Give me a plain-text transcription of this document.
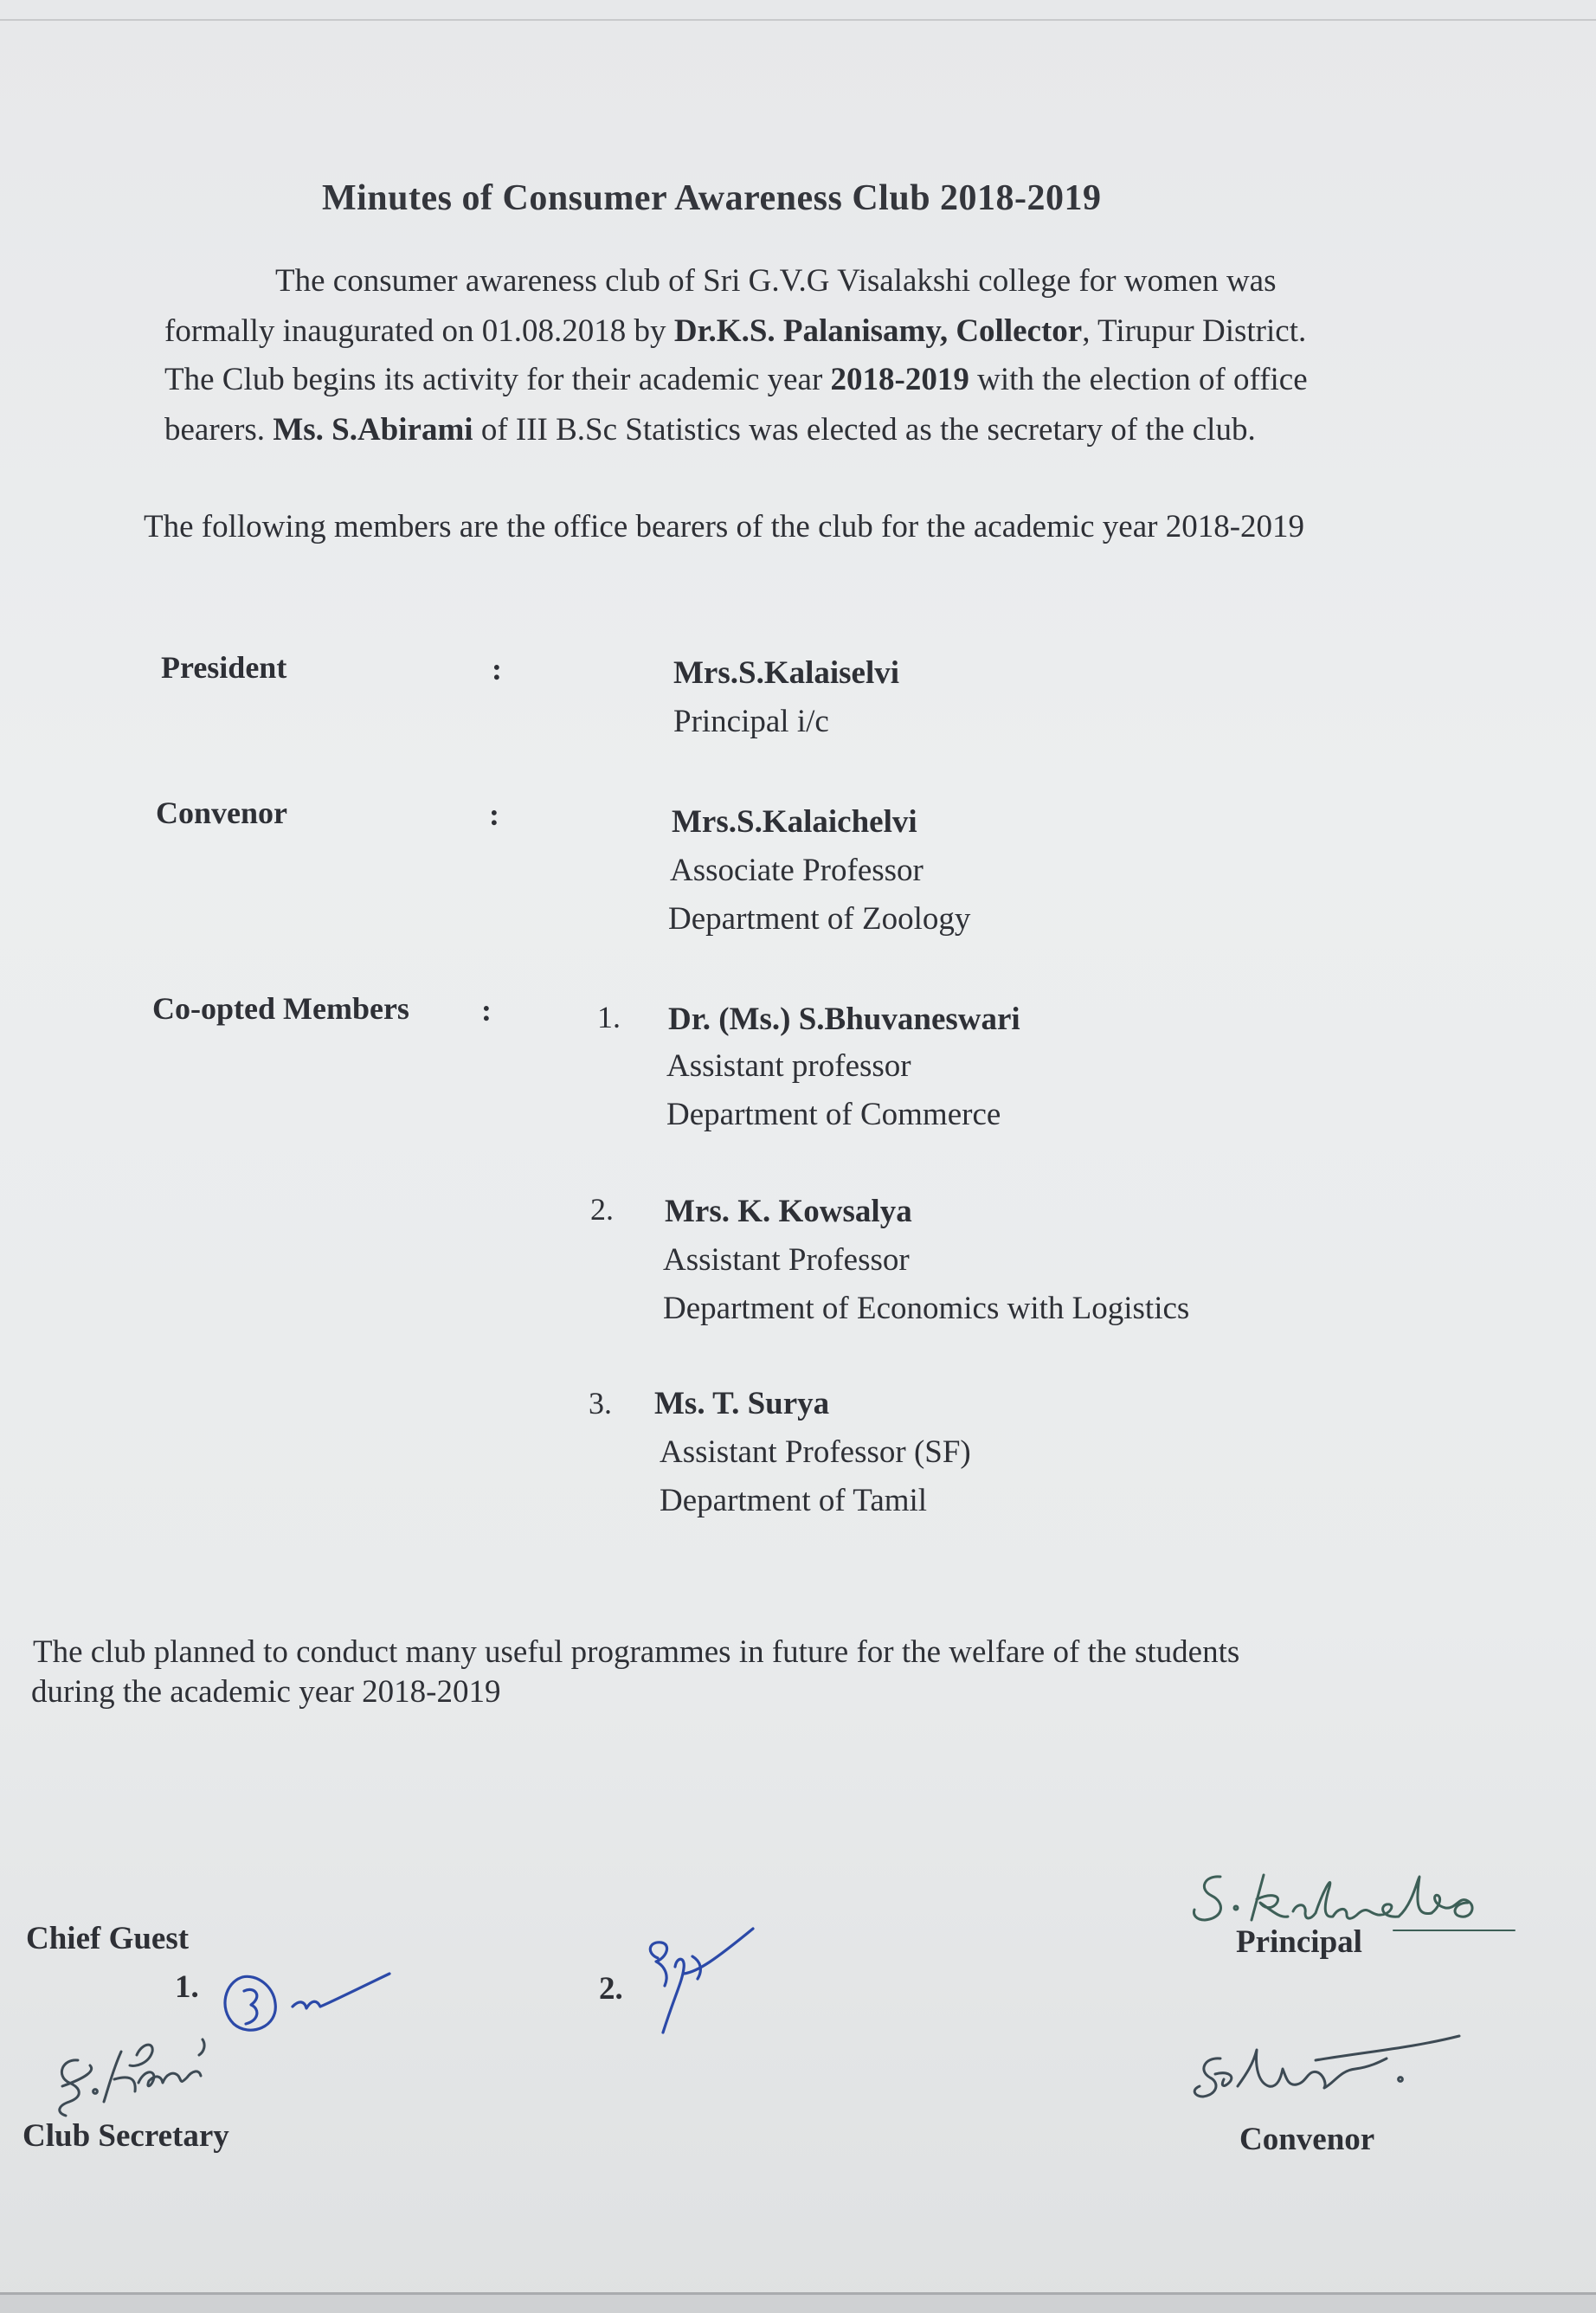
Minutes of Consumer Awareness Club 2018-2019
The consumer awareness club of Sri G.V.G Visalakshi college for women was
formally inaugurated on 01.08.2018 by Dr.K.S. Palanisamy, Collector, Tirupur District.
The Club begins its activity for their academic year 2018-2019 with the election of office
bearers. Ms. S.Abirami of III B.Sc Statistics was elected as the secretary of the club.
The following members are the office bearers of the club for the academic year 2018-2019
President	:	Mrs.S.Kalaiselvi
Principal i/c
Convenor	:	Mrs.S.Kalaichelvi
Associate Professor
Department of Zoology
Co-opted Members :	1. Dr. (Ms.) S.Bhuvaneswari
Assistant professor
Department of Commerce
2. Mrs. K. Kowsalya
Assistant Professor
Department of Economics with Logistics
3. Ms. T. Surya
Assistant Professor (SF)
Department of Tamil
The club planned to conduct many useful programmes in future for the welfare of the students
during the academic year 2018-2019
Chief Guest
1.	2.
Principal
Club Secretary	Convenor
